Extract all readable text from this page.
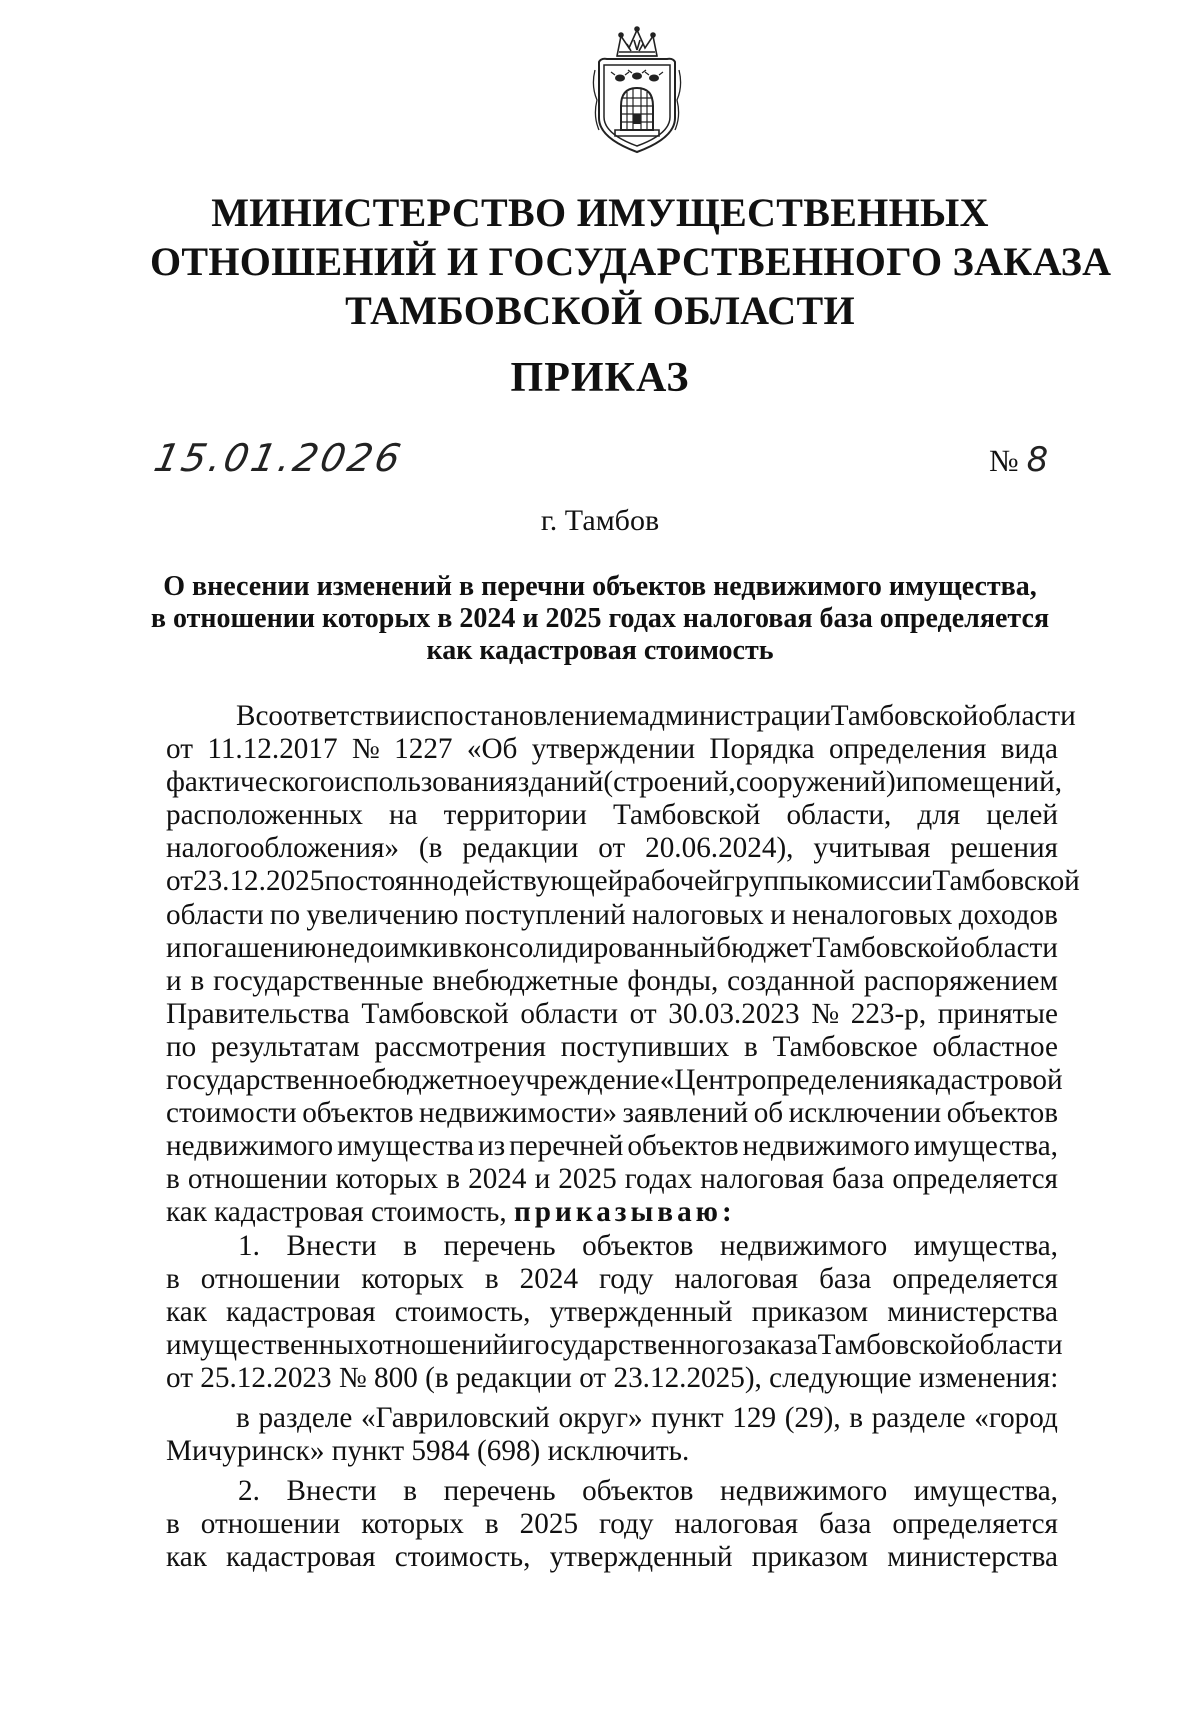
МИНИСТЕРСТВО ИМУЩЕСТВЕННЫХ
ОТНОШЕНИЙ И ГОСУДАРСТВЕННОГО ЗАКАЗА
ТАМБОВСКОЙ ОБЛАСТИ
ПРИКАЗ
15.01.2026	№ 8
г. Тамбов
О внесении изменений в перечни объектов недвижимого имущества,
в отношении которых в 2024 и 2025 годах налоговая база определяется
как кадастровая стоимость
В соответствии с постановлением администрации Тамбовской области
от 11.12.2017 № 1227 «Об утверждении Порядка определения вида
фактического использования зданий (строений, сооружений) и помещений,
расположенных на территории Тамбовской области, для целей
налогообложения» (в редакции от 20.06.2024), учитывая решения
от 23.12.2025 постоянно действующей рабочей группы комиссии Тамбовской
области по увеличению поступлений налоговых и неналоговых доходов
и погашению недоимки в консолидированный бюджет Тамбовской области
и в государственные внебюджетные фонды, созданной распоряжением
Правительства Тамбовской области от 30.03.2023 № 223-р, принятые
по результатам рассмотрения поступивших в Тамбовское областное
государственное бюджетное учреждение «Центр определения кадастровой
стоимости объектов недвижимости» заявлений об исключении объектов
недвижимого имущества из перечней объектов недвижимого имущества,
в отношении которых в 2024 и 2025 годах налоговая база определяется
как кадастровая стоимость,
приказываю:
1. Внести в перечень объектов недвижимого имущества,
в отношении которых в 2024 году налоговая база определяется
как кадастровая стоимость, утвержденный приказом министерства
имущественных отношений и государственного заказа Тамбовской области
от 25.12.2023 № 800 (в редакции от 23.12.2025), следующие изменения:
в разделе «Гавриловский округ» пункт 129 (29), в разделе «город
Мичуринск» пункт 5984 (698) исключить.
2. Внести в перечень объектов недвижимого имущества,
в отношении которых в 2025 году налоговая база определяется
как кадастровая стоимость, утвержденный приказом министерства
